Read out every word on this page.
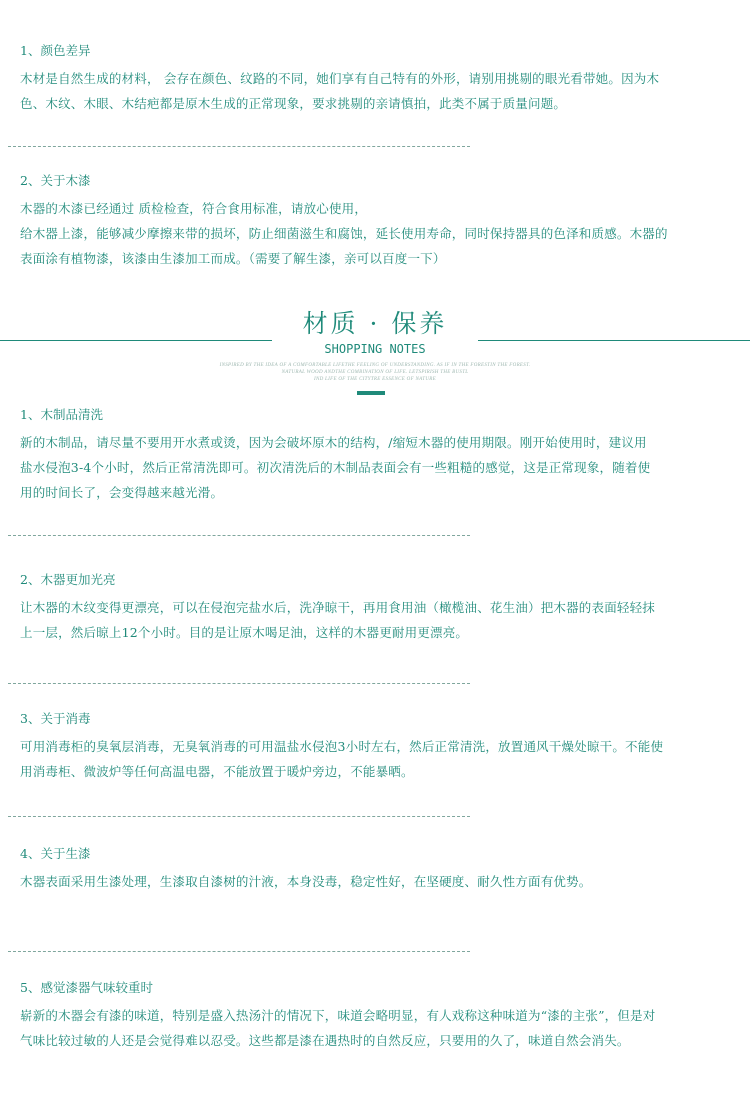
1、颜色差异

木材是自然生成的材料， 会存在颜色、纹路的不同，她们享有自己特有的外形，请别用挑剔的眼光看带她。因为木

色、木纹、木眼、木结疤都是原木生成的正常现象，要求挑剔的亲请慎拍，此类不属于质量问题。

2、关于木漆

木器的木漆已经通过 质检检查，符合食用标准，请放心使用，

给木器上漆，能够减少摩擦来带的损坏，防止细菌滋生和腐蚀，延长使用寿命，同时保持器具的色泽和质感。木器的

表面涂有植物漆，该漆由生漆加工而成。（需要了解生漆，亲可以百度一下）

材质 · 保养
SHOPPING NOTES
INSPIRED BY THE IDEA OF A COMFORTABLE LIFETHE FEELING OF UNDERSTANDING. AS IF IN THE FORESTIN THE FOREST.
NATURAL WOOD ANDTHE COMBINATION OF LIFE. LETSPIRISH THE BUSTL
IND LIFE OF THE CITYTRE ESSENCE OF NATURE

1、木制品清洗

新的木制品，请尽量不要用开水煮或烫，因为会破坏原木的结构，/缩短木器的使用期限。刚开始使用时，建议用

盐水侵泡3-4个小时，然后正常清洗即可。初次清洗后的木制品表面会有一些粗糙的感觉，这是正常现象，随着使

用的时间长了，会变得越来越光滑。

2、木器更加光亮

让木器的木纹变得更漂亮，可以在侵泡完盐水后，洗净晾干，再用食用油（橄榄油、花生油）把木器的表面轻轻抹

上一层，然后晾上12个小时。目的是让原木喝足油，这样的木器更耐用更漂亮。

3、关于消毒

可用消毒柜的臭氧层消毒，无臭氧消毒的可用温盐水侵泡3小时左右，然后正常清洗，放置通风干燥处晾干。不能使

用消毒柜、微波炉等任何高温电器，不能放置于暖炉旁边，不能暴晒。

4、关于生漆

木器表面采用生漆处理，生漆取自漆树的汁液，本身没毒，稳定性好，在坚硬度、耐久性方面有优势。

5、感觉漆器气味较重时

崭新的木器会有漆的味道，特别是盛入热汤汁的情况下，味道会略明显，有人戏称这种味道为“漆的主张”，但是对

气味比较过敏的人还是会觉得难以忍受。这些都是漆在遇热时的自然反应，只要用的久了，味道自然会消失。
